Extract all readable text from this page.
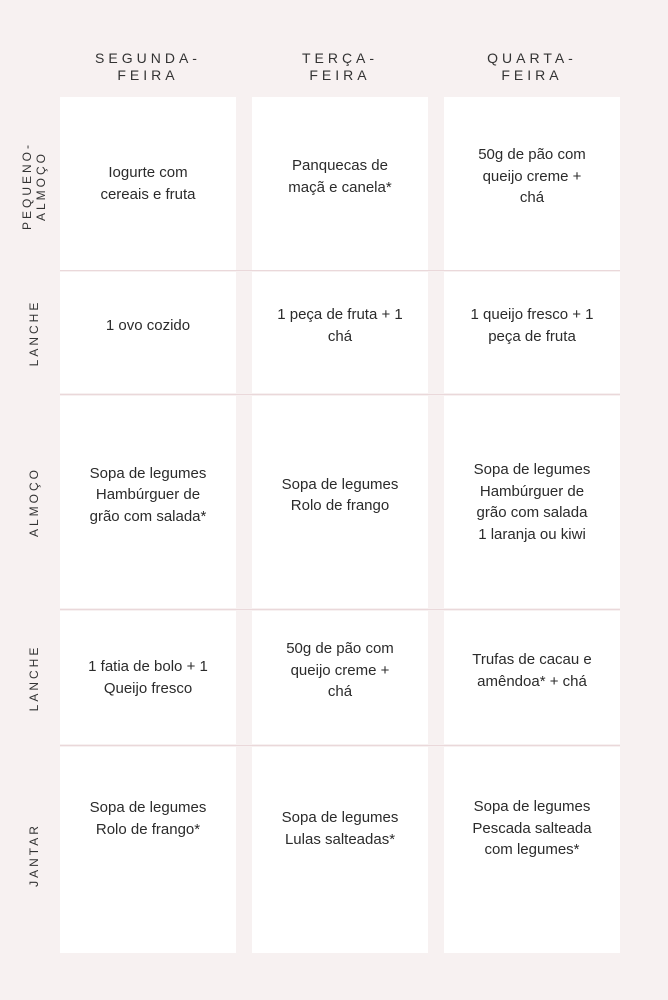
SEGUNDA-
FEIRA
TERÇA-
FEIRA
QUARTA-
FEIRA
PEQUENO-
ALMOÇO
LANCHE
ALMOÇO
LANCHE
JANTAR
Iogurte com
cereais e fruta
Panquecas de
maçã e canela*
50g de pão com
queijo creme +
chá
1 ovo cozido
1 peça de fruta + 1
chá
1 queijo fresco + 1
peça de fruta
Sopa de legumes
Hambúrguer de
grão com salada*
Sopa de legumes
Rolo de frango
Sopa de legumes
Hambúrguer de
grão com salada
1 laranja ou kiwi
1 fatia de bolo + 1
Queijo fresco
50g de pão com
queijo creme +
chá
Trufas de cacau e
amêndoa* + chá
Sopa de legumes
Rolo de frango*
Sopa de legumes
Lulas salteadas*
Sopa de legumes
Pescada salteada
com legumes*
